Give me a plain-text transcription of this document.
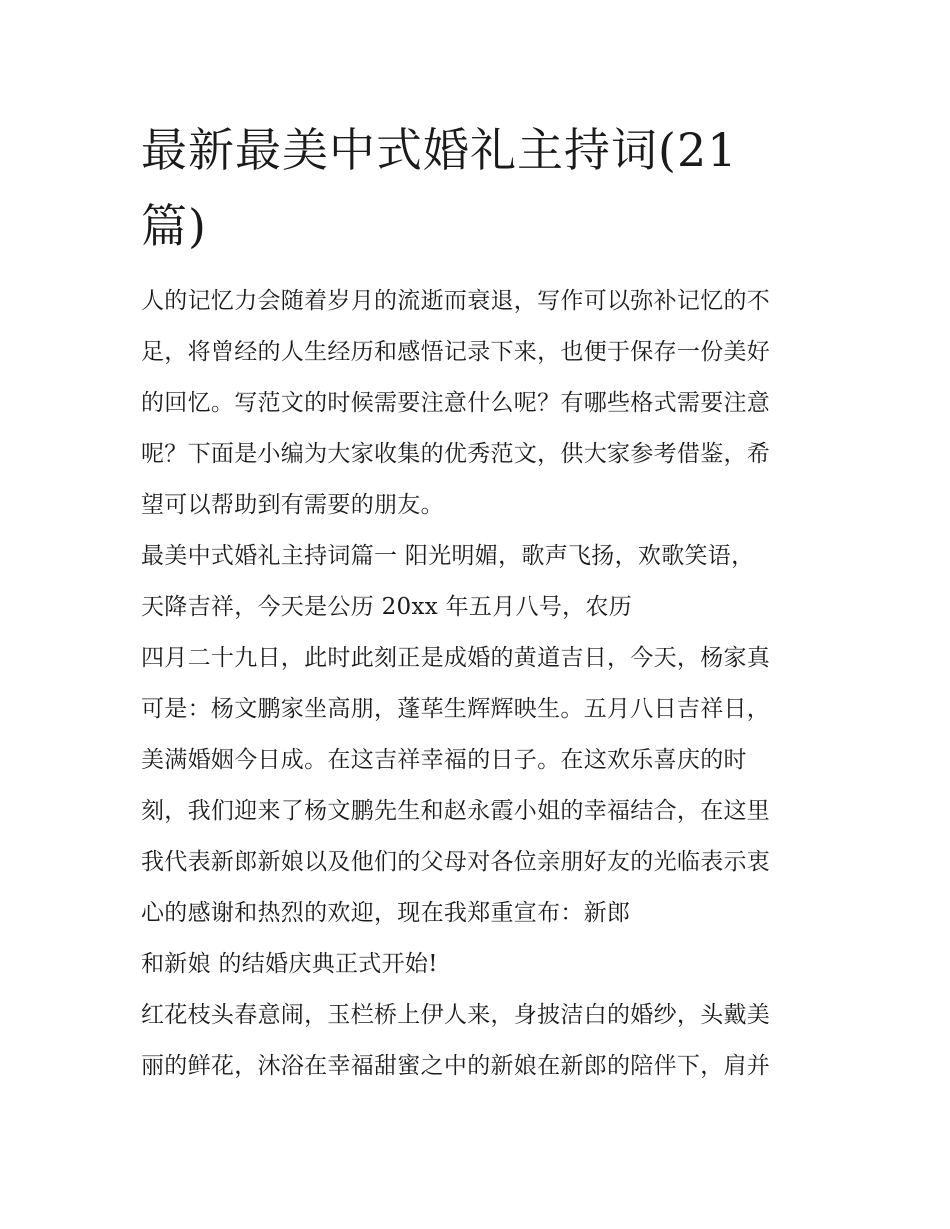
最新最美中式婚礼主持词(21
篇)
人的记忆力会随着岁月的流逝而衰退，写作可以弥补记忆的不
足，将曾经的人生经历和感悟记录下来，也便于保存一份美好
的回忆。写范文的时候需要注意什么呢？有哪些格式需要注意
呢？下面是小编为大家收集的优秀范文，供大家参考借鉴，希
望可以帮助到有需要的朋友。
最美中式婚礼主持词篇一 阳光明媚，歌声飞扬，欢歌笑语，
天降吉祥，今天是公历 20xx 年五月八号，农历
四月二十九日，此时此刻正是成婚的黄道吉日，今天，杨家真
可是：杨文鹏家坐高朋，蓬荜生辉辉映生。五月八日吉祥日，
美满婚姻今日成。在这吉祥幸福的日子。在这欢乐喜庆的时
刻，我们迎来了杨文鹏先生和赵永霞小姐的幸福结合，在这里
我代表新郎新娘以及他们的父母对各位亲朋好友的光临表示衷
心的感谢和热烈的欢迎，现在我郑重宣布：新郎
和新娘 的结婚庆典正式开始!
红花枝头春意闹，玉栏桥上伊人来，身披洁白的婚纱，头戴美
丽的鲜花，沐浴在幸福甜蜜之中的新娘在新郎的陪伴下，肩并
